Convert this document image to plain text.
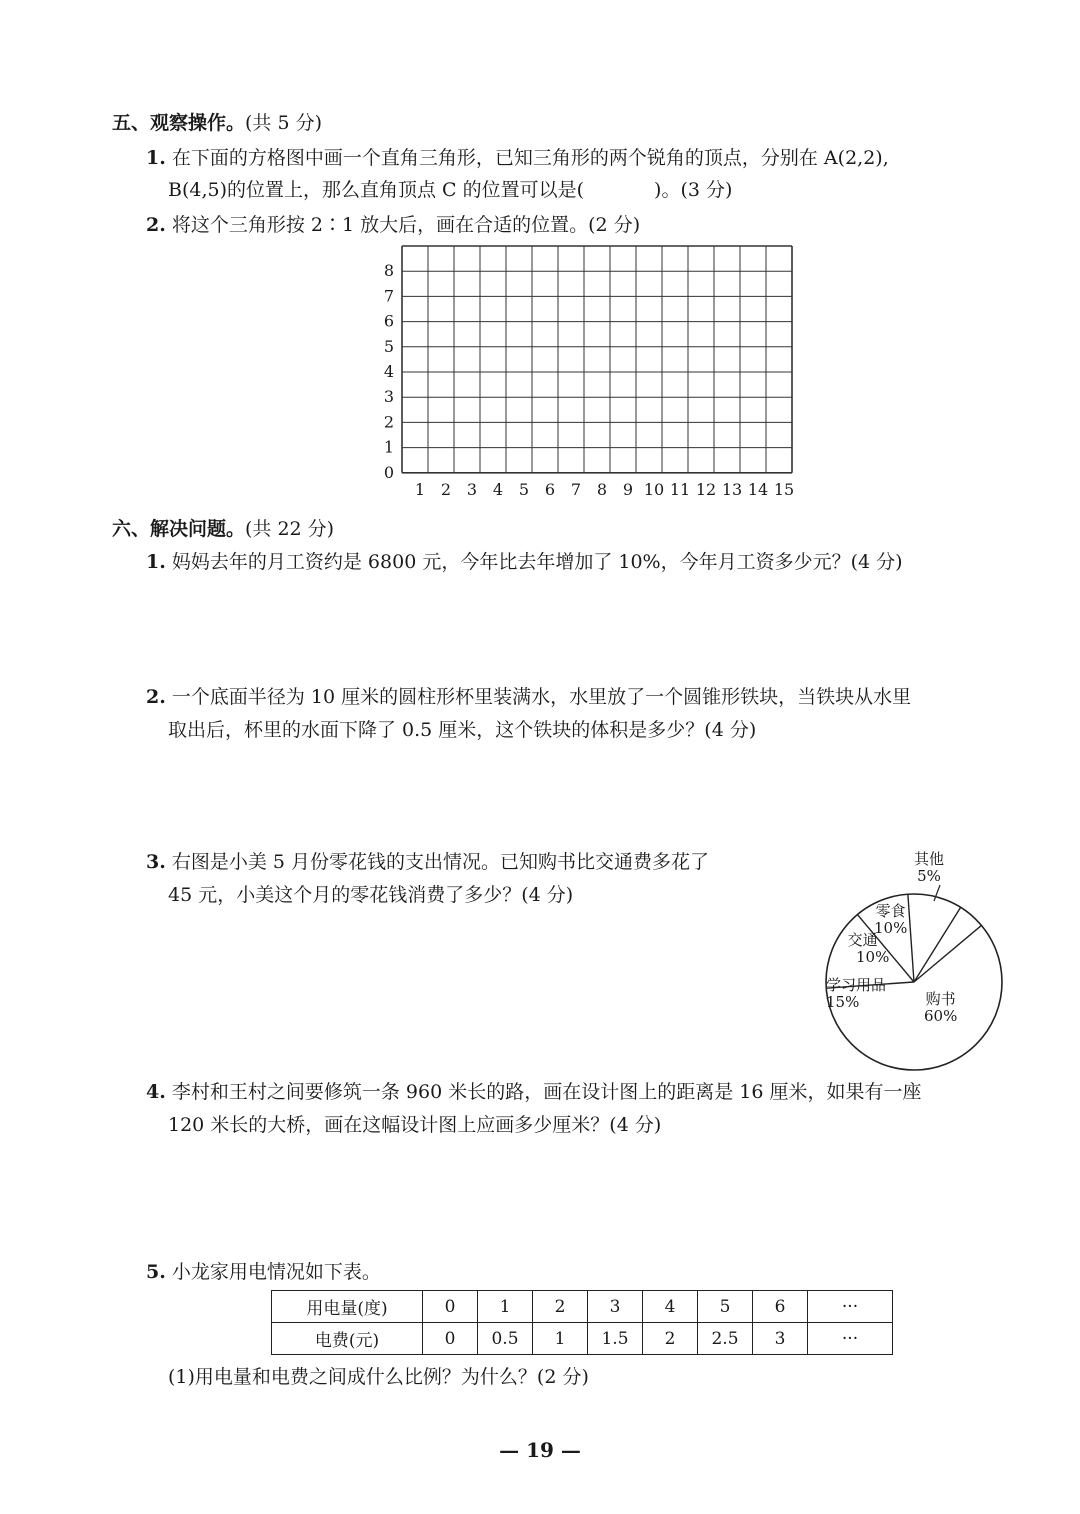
五、观察操作。(共 5 分)
1. 在下面的方格图中画一个直角三角形，已知三角形的两个锐角的顶点，分别在 A(2,2),
B(4,5)的位置上，那么直角顶点 C 的位置可以是(	)。(3 分)
2. 将这个三角形按 2∶1 放大后，画在合适的位置。(2 分)
0
1
2
3
4
5
6
7
8
1 2 3 4 5 6 7 8 9 10 11 12 13 14 15
六、解决问题。(共 22 分)
1. 妈妈去年的月工资约是 6800 元，今年比去年增加了 10%，今年月工资多少元？(4 分)
2. 一个底面半径为 10 厘米的圆柱形杯里装满水，水里放了一个圆锥形铁块，当铁块从水里
取出后，杯里的水面下降了 0.5 厘米，这个铁块的体积是多少？(4 分)
3. 右图是小美 5 月份零花钱的支出情况。已知购书比交通费多花了
45 元，小美这个月的零花钱消费了多少？(4 分)
其他
5%
零食
10%
交通
10%
学习用品
15%	购书
60%
4. 李村和王村之间要修筑一条 960 米长的路，画在设计图上的距离是 16 厘米，如果有一座
120 米长的大桥，画在这幅设计图上应画多少厘米？(4 分)
5. 小龙家用电情况如下表。
用电量(度)	0	1	2	3	4	5	6	···
电费(元)	0	0.5	1	1.5	2	2.5	3	···
(1)用电量和电费之间成什么比例？为什么？(2 分)
— 19 —
